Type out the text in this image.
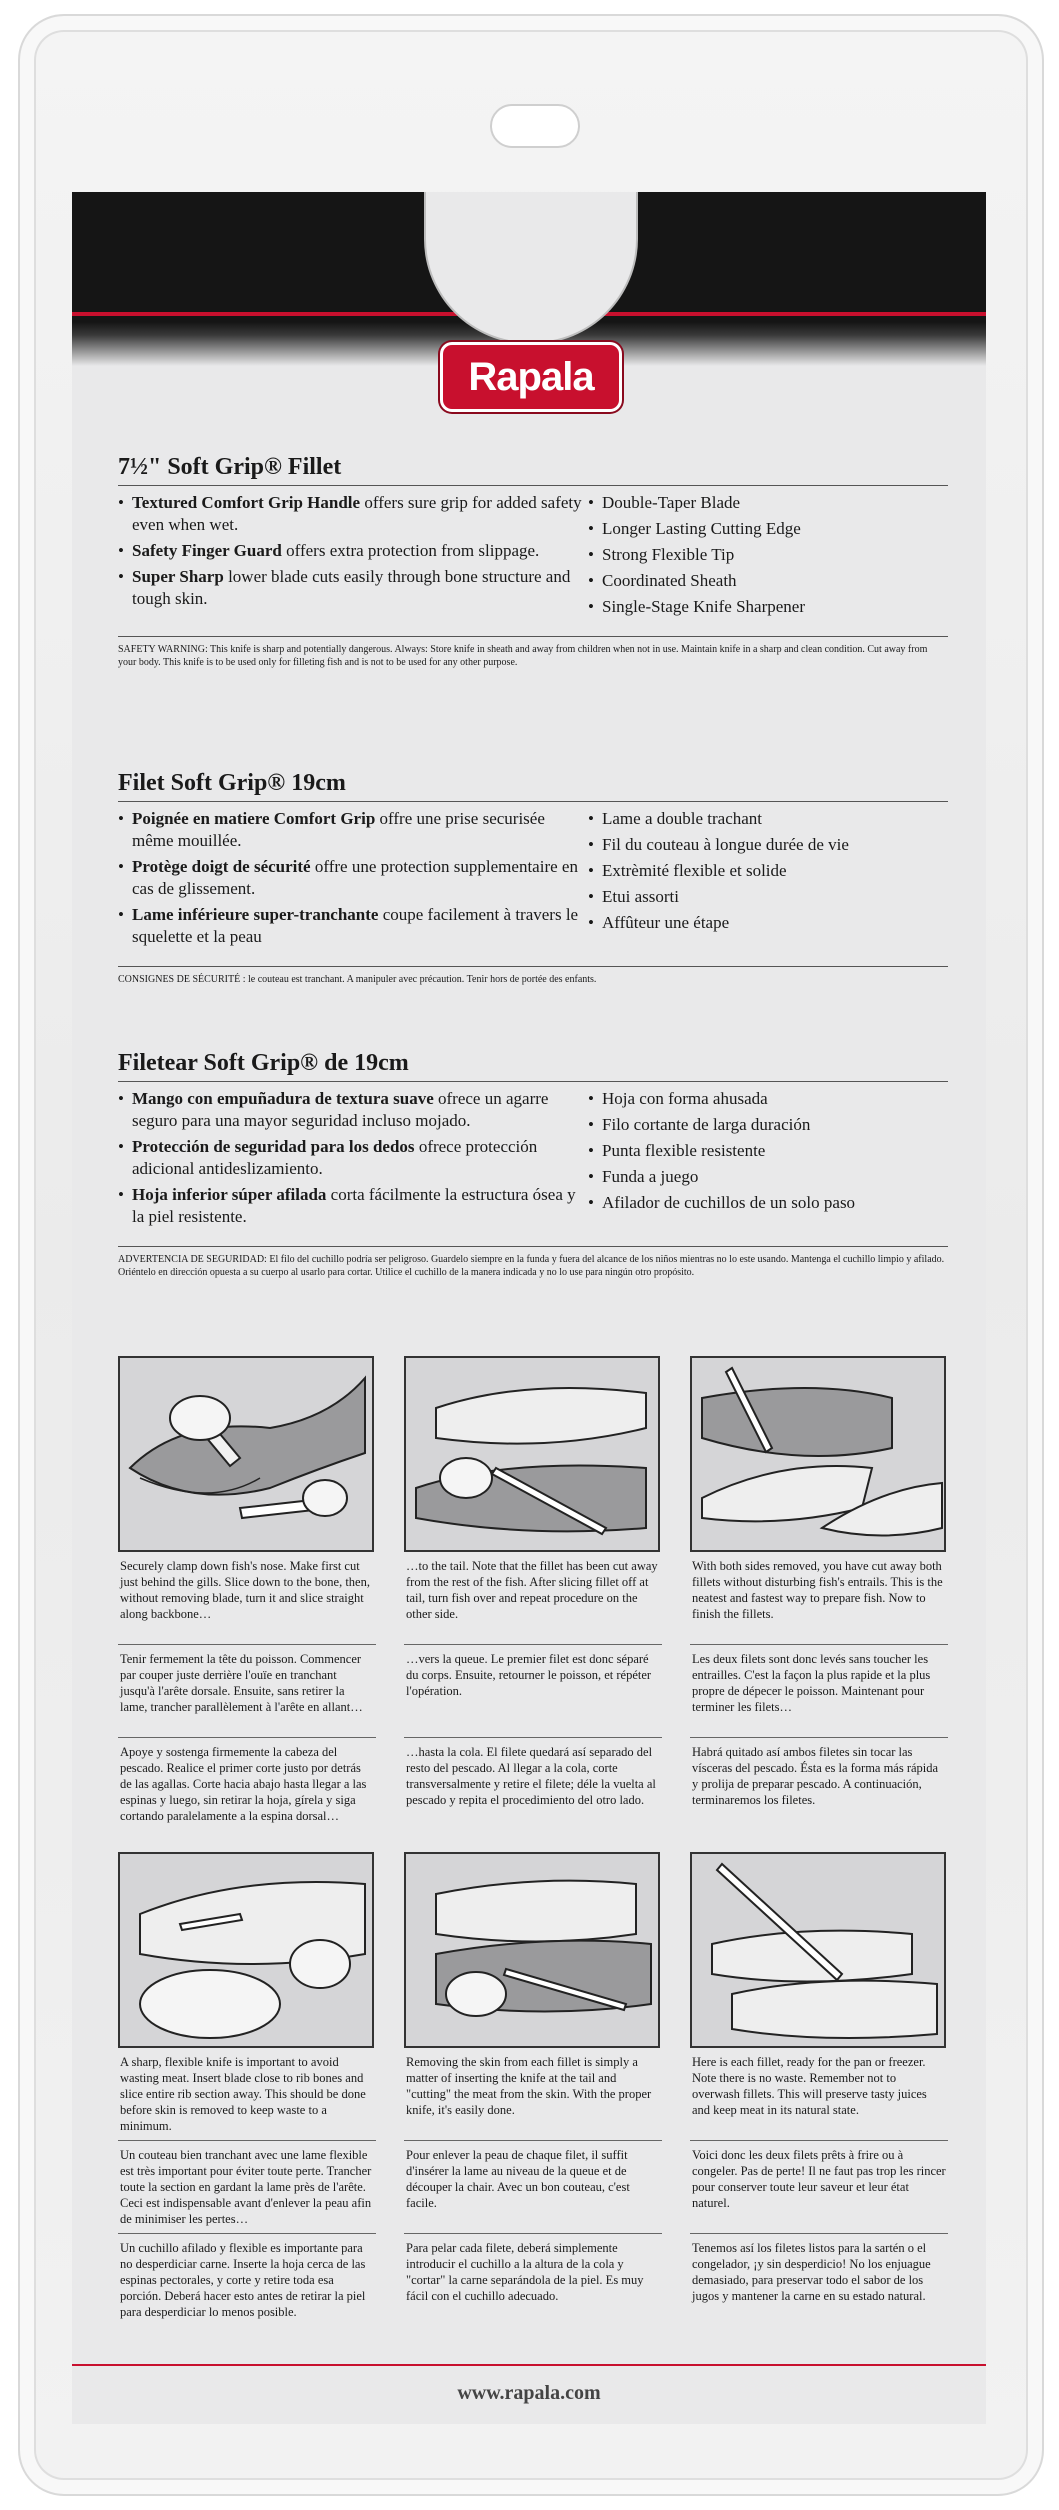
Rapala
7½" Soft Grip® Fillet

• Textured Comfort Grip Handle offers sure grip for added safety even when wet.

• Safety Finger Guard offers extra protection from slippage.

• Super Sharp lower blade cuts easily through bone structure and tough skin.

• Double-Taper Blade

• Longer Lasting Cutting Edge

• Strong Flexible Tip

• Coordinated Sheath

• Single-Stage Knife Sharpener

SAFETY WARNING: This knife is sharp and potentially dangerous. Always: Store knife in sheath and away from children when not in use. Maintain knife in a sharp and clean condition. Cut away from your body. This knife is to be used only for filleting fish and is not to be used for any other purpose.
Filet Soft Grip® 19cm

• Poignée en matiere Comfort Grip offre une prise securisée même mouillée.

• Protège doigt de sécurité offre une protection supplementaire en cas de glissement.

• Lame inférieure super-tranchante coupe facilement à travers le squelette et la peau

• Lame a double trachant

• Fil du couteau à longue durée de vie

• Extrèmité flexible et solide

• Etui assorti

• Affûteur une étape

CONSIGNES DE SÉCURITÉ : le couteau est tranchant. A manipuler avec précaution. Tenir hors de portée des enfants.
Filetear Soft Grip® de 19cm

• Mango con empuñadura de textura suave ofrece un agarre seguro para una mayor seguridad incluso mojado.

• Protección de seguridad para los dedos ofrece protección adicional antideslizamiento.

• Hoja inferior súper afilada corta fácilmente la estructura ósea y la piel resistente.

• Hoja con forma ahusada

• Filo cortante de larga duración

• Punta flexible resistente

• Funda a juego

• Afilador de cuchillos de un solo paso

ADVERTENCIA DE SEGURIDAD: El filo del cuchillo podría ser peligroso. Guardelo siempre en la funda y fuera del alcance de los niños mientras no lo este usando. Mantenga el cuchillo limpio y afilado. Oriéntelo en dirección opuesta a su cuerpo al usarlo para cortar. Utilice el cuchillo de la manera indicada y no lo use para ningún otro propósito.
Securely clamp down fish's nose. Make first cut just behind the gills. Slice down to the bone, then, without removing blade, turn it and slice straight along backbone…
Tenir fermement la tête du poisson. Commencer par couper juste derrière l'ouïe en tranchant jusqu'à l'arête dorsale. Ensuite, sans retirer la lame, trancher parallèlement à l'arête en allant…
Apoye y sostenga firmemente la cabeza del pescado. Realice el primer corte justo por detrás de las agallas. Corte hacia abajo hasta llegar a las espinas y luego, sin retirar la hoja, gírela y siga cortando paralelamente a la espina dorsal…
…to the tail. Note that the fillet has been cut away from the rest of the fish. After slicing fillet off at tail, turn fish over and repeat procedure on the other side.
…vers la queue. Le premier filet est donc séparé du corps. Ensuite, retourner le poisson, et répéter l'opération.
…hasta la cola. El filete quedará así separado del resto del pescado. Al llegar a la cola, corte transversalmente y retire el filete; déle la vuelta al pescado y repita el procedimiento del otro lado.
With both sides removed, you have cut away both fillets without disturbing fish's entrails. This is the neatest and fastest way to prepare fish. Now to finish the fillets.
Les deux filets sont donc levés sans toucher les entrailles. C'est la façon la plus rapide et la plus propre de dépecer le poisson. Maintenant pour terminer les filets…
Habrá quitado así ambos filetes sin tocar las vísceras del pescado. Ésta es la forma más rápida y prolija de preparar pescado. A continuación, terminaremos los filetes.
A sharp, flexible knife is important to avoid wasting meat. Insert blade close to rib bones and slice entire rib section away. This should be done before skin is removed to keep waste to a minimum.
Un couteau bien tranchant avec une lame flexible est très important pour éviter toute perte. Trancher toute la section en gardant la lame près de l'arête. Ceci est indispensable avant d'enlever la peau afin de minimiser les pertes…
Un cuchillo afilado y flexible es importante para no desperdiciar carne. Inserte la hoja cerca de las espinas pectorales, y corte y retire toda esa porción. Deberá hacer esto antes de retirar la piel para desperdiciar lo menos posible.
Removing the skin from each fillet is simply a matter of inserting the knife at the tail and "cutting" the meat from the skin. With the proper knife, it's easily done.
Pour enlever la peau de chaque filet, il suffit d'insérer la lame au niveau de la queue et de découper la chair. Avec un bon couteau, c'est facile.
Para pelar cada filete, deberá simplemente introducir el cuchillo a la altura de la cola y "cortar" la carne separándola de la piel. Es muy fácil con el cuchillo adecuado.
Here is each fillet, ready for the pan or freezer. Note there is no waste. Remember not to overwash fillets. This will preserve tasty juices and keep meat in its natural state.
Voici donc les deux filets prêts à frire ou à congeler. Pas de perte! Il ne faut pas trop les rincer pour conserver toute leur saveur et leur état naturel.
Tenemos así los filetes listos para la sartén o el congelador, ¡y sin desperdicio! No los enjuague demasiado, para preservar todo el sabor de los jugos y mantener la carne en su estado natural.
www.rapala.com
